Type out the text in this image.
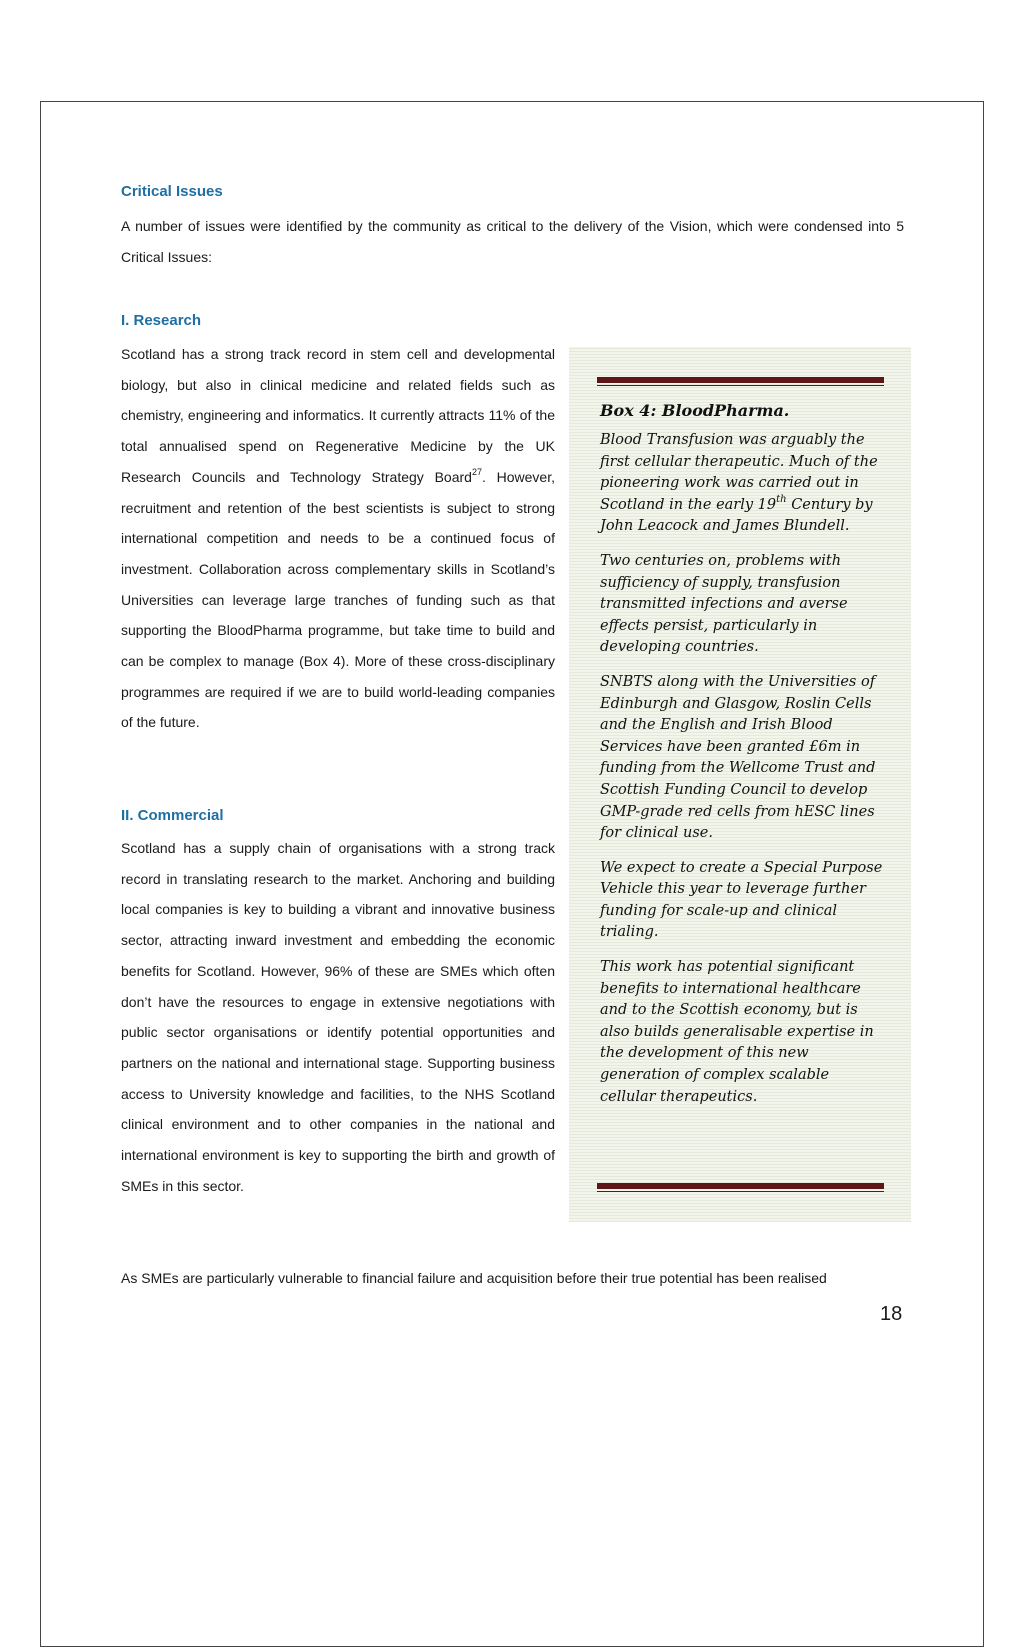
Critical Issues

A number of issues were identified by the community as critical to the delivery of the Vision, which were condensed into 5 Critical Issues:

I. Research

Scotland has a strong track record in stem cell and developmental biology, but also in clinical medicine and related fields such as chemistry, engineering and informatics. It currently attracts 11% of the total annualised spend on Regenerative Medicine by the UK Research Councils and Technology Strategy Board$^{27}$. However, recruitment and retention of the best scientists is subject to strong international competition and needs to be a continued focus of investment. Collaboration across complementary skills in Scotland’s Universities can leverage large tranches of funding such as that supporting the BloodPharma programme, but take time to build and can be complex to manage (Box 4). More of these cross-disciplinary programmes are required if we are to build world-leading companies of the future.

II. Commercial

Scotland has a supply chain of organisations with a strong track record in translating research to the market. Anchoring and building local companies is key to building a vibrant and innovative business sector, attracting inward investment and embedding the economic benefits for Scotland. However, 96% of these are SMEs which often don’t have the resources to engage in extensive negotiations with public sector organisations or identify potential opportunities and partners on the national and international stage. Supporting business access to University knowledge and facilities, to the NHS Scotland clinical environment and to other companies in the national and international environment is key to supporting the birth and growth of SMEs in this sector.

As SMEs are particularly vulnerable to financial failure and acquisition before their true potential has been realised

Box 4: BloodPharma.

Blood Transfusion was arguably the first cellular therapeutic. Much of the pioneering work was carried out in Scotland in the early 19th Century by John Leacock and James Blundell.

Two centuries on, problems with sufficiency of supply, transfusion transmitted infections and averse effects persist, particularly in developing countries.

SNBTS along with the Universities of Edinburgh and Glasgow, Roslin Cells and the English and Irish Blood Services have been granted £6m in funding from the Wellcome Trust and Scottish Funding Council to develop GMP-grade red cells from hESC lines for clinical use.

We expect to create a Special Purpose Vehicle this year to leverage further funding for scale-up and clinical trialing.

This work has potential significant benefits to international healthcare and to the Scottish economy, but is also builds generalisable expertise in the development of this new generation of complex scalable cellular therapeutics.

18
